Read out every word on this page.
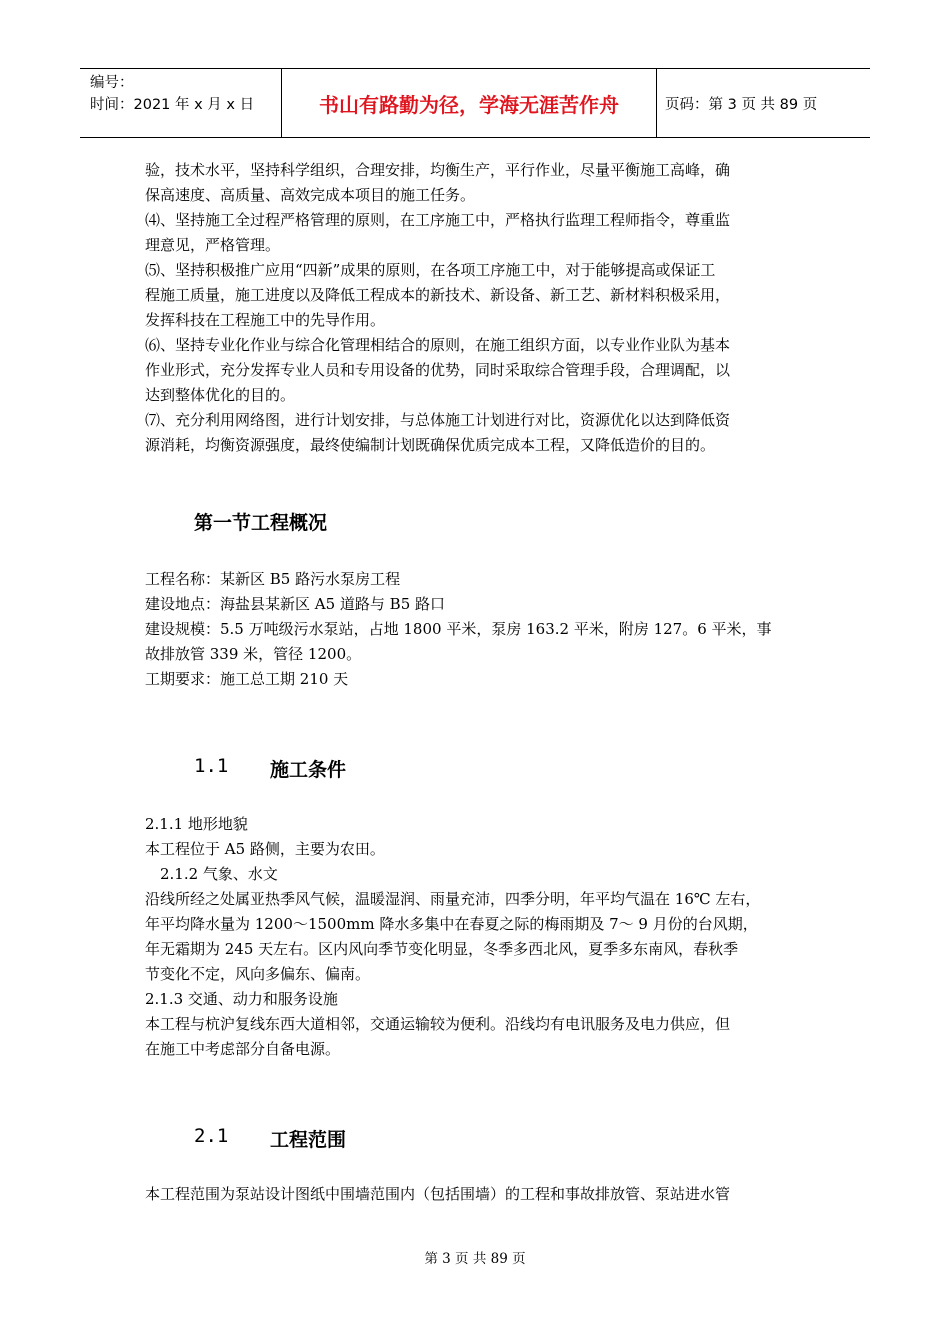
编号：
时间：2021 年 x 月 x 日	书山有路勤为径，学海无涯苦作舟	页码：第 3 页 共 89 页

验，技术水平，坚持科学组织，合理安排，均衡生产，平行作业，尽量平衡施工高峰，确

保高速度、高质量、高效完成本项目的施工任务。

⑷、坚持施工全过程严格管理的原则，在工序施工中，严格执行监理工程师指令，尊重监

理意见，严格管理。

⑸、坚持积极推广应用“四新”成果的原则，在各项工序施工中，对于能够提高或保证工

程施工质量，施工进度以及降低工程成本的新技术、新设备、新工艺、新材料积极采用，

发挥科技在工程施工中的先导作用。

⑹、坚持专业化作业与综合化管理相结合的原则，在施工组织方面，以专业作业队为基本

作业形式，充分发挥专业人员和专用设备的优势，同时采取综合管理手段，合理调配，以

达到整体优化的目的。

⑺、充分利用网络图，进行计划安排，与总体施工计划进行对比，资源优化以达到降低资

源消耗，均衡资源强度，最终使编制计划既确保优质完成本工程，又降低造价的目的。

第一节工程概况

工程名称：某新区 B5 路污水泵房工程

建设地点：海盐县某新区 A5 道路与 B5 路口

建设规模：5.5 万吨级污水泵站，占地 1800 平米，泵房 163.2 平米，附房 127。6 平米，事

故排放管 339 米，管径 1200。

工期要求：施工总工期 210 天

1.1	施工条件

2.1.1 地形地貌

本工程位于 A5 路侧，主要为农田。

2.1.2 气象、水文

沿线所经之处属亚热季风气候，温暖湿润、雨量充沛，四季分明，年平均气温在 16℃ 左右，

年平均降水量为 1200～1500mm 降水多集中在春夏之际的梅雨期及 7～ 9 月份的台风期，

年无霜期为 245 天左右。区内风向季节变化明显，冬季多西北风，夏季多东南风，春秋季

节变化不定，风向多偏东、偏南。

2.1.3 交通、动力和服务设施

本工程与杭沪复线东西大道相邻，交通运输较为便利。沿线均有电讯服务及电力供应，但

在施工中考虑部分自备电源。

2.1	工程范围

本工程范围为泵站设计图纸中围墙范围内（包括围墙）的工程和事故排放管、泵站进水管

第 3 页 共 89 页
